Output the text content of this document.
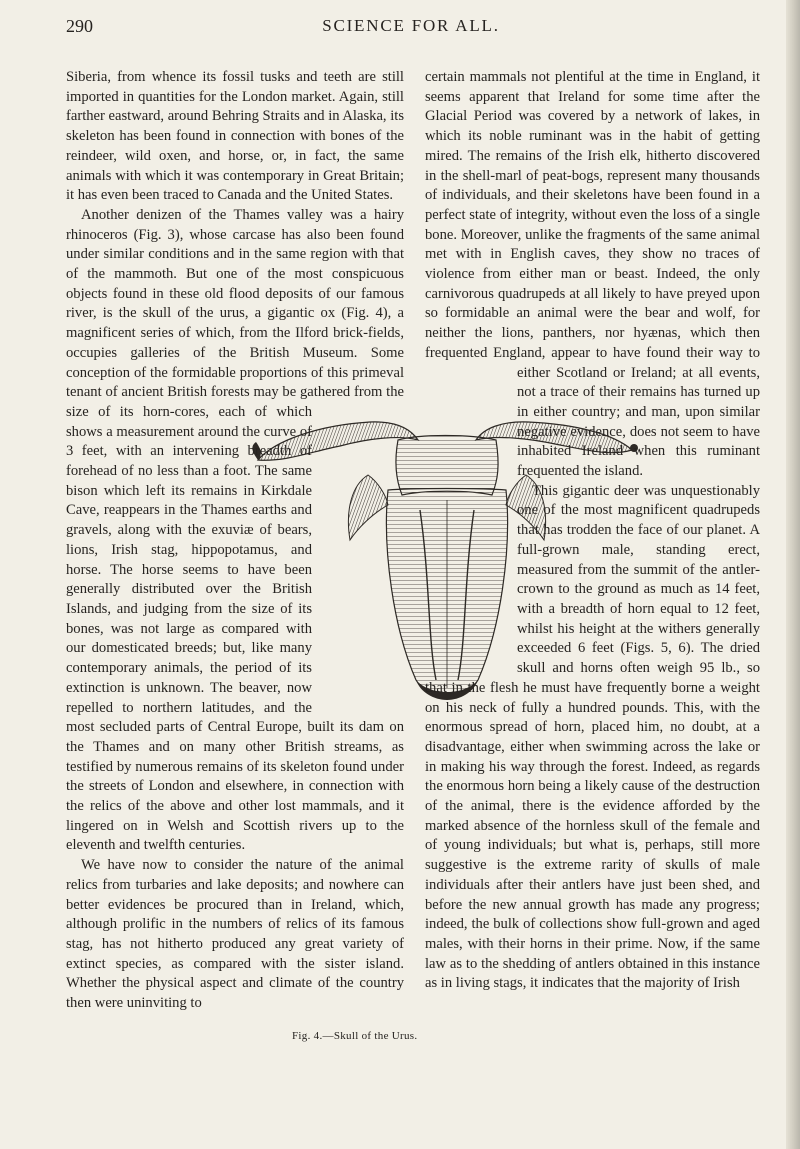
290	SCIENCE FOR ALL.
Fig. 4.—Skull of the Urus.

Siberia, from whence its fossil tusks and teeth are still imported in quantities for the London market. Again, still farther eastward, around Behring Straits and in Alaska, its skeleton has been found in connection with bones of the reindeer, wild oxen, and horse, or, in fact, the same animals with which it was contemporary in Great Britain; it has even been traced to Canada and the United States.

Another denizen of the Thames valley was a hairy rhinoceros (Fig. 3), whose carcase has also been found under similar conditions and in the same region with that of the mammoth. But one of the most conspicuous objects found in these old flood deposits of our famous river, is the skull of the urus, a gigantic ox (Fig. 4), a magnificent series of which, from the Ilford brick-fields, occupies galleries of the British Museum. Some conception of the formidable proportions of this primeval tenant of ancient British forests may be gathered from the size of its horn-cores, each of which shows a measurement around the curve of 3 feet, with an intervening breadth of forehead of no less than a foot. The same bison which left its remains in Kirkdale Cave, reappears in the Thames earths and gravels, along with the exuviæ of bears, lions, Irish stag, hippopotamus, and horse. The horse seems to have been generally distributed over the British Islands, and judging from the size of its bones, was not large as compared with our domesticated breeds; but, like many contemporary animals, the period of its extinction is unknown. The beaver, now repelled to northern latitudes, and the most secluded parts of Central Europe, built its dam on the Thames and on many other British streams, as testified by numerous remains of its skeleton found under the streets of London and elsewhere, in connection with the relics of the above and other lost mammals, and it lingered on in Welsh and Scottish rivers up to the eleventh and twelfth centuries.

We have now to consider the nature of the animal relics from turbaries and lake deposits; and nowhere can better evidences be procured than in Ireland, which, although prolific in the numbers of relics of its famous stag, has not hitherto produced any great variety of extinct species, as compared with the sister island. Whether the physical aspect and climate of the country then were uninviting to

certain mammals not plentiful at the time in England, it seems apparent that Ireland for some time after the Glacial Period was covered by a network of lakes, in which its noble ruminant was in the habit of getting mired. The remains of the Irish elk, hitherto discovered in the shell-marl of peat-bogs, represent many thousands of individuals, and their skeletons have been found in a perfect state of integrity, without even the loss of a single bone. Moreover, unlike the fragments of the same animal met with in English caves, they show no traces of violence from either man or beast. Indeed, the only carnivorous quadrupeds at all likely to have preyed upon so formidable an animal were the bear and wolf, for neither the lions, panthers, nor hyænas, which then frequented England, appear to have found their way to either Scotland or Ireland; at all events, not a trace of their remains has turned up in either country; and man, upon similar negative evidence, does not seem to have inhabited Ireland when this ruminant frequented the island.

This gigantic deer was unquestionably one of the most magnificent quadrupeds that has trodden the face of our planet. A full-grown male, standing erect, measured from the summit of the antler-crown to the ground as much as 14 feet, with a breadth of horn equal to 12 feet, whilst his height at the withers generally exceeded 6 feet (Figs. 5, 6). The dried skull and horns often weigh 95 lb., so that in the flesh he must have frequently borne a weight on his neck of fully a hundred pounds. This, with the enormous spread of horn, placed him, no doubt, at a disadvantage, either when swimming across the lake or in making his way through the forest. Indeed, as regards the enormous horn being a likely cause of the destruction of the animal, there is the evidence afforded by the marked absence of the hornless skull of the female and of young individuals; but what is, perhaps, still more suggestive is the extreme rarity of skulls of male individuals after their antlers have just been shed, and before the new annual growth has made any progress; indeed, the bulk of collections show full-grown and aged males, with their horns in their prime. Now, if the same law as to the shedding of antlers obtained in this instance as in living stags, it indicates that the majority of Irish
